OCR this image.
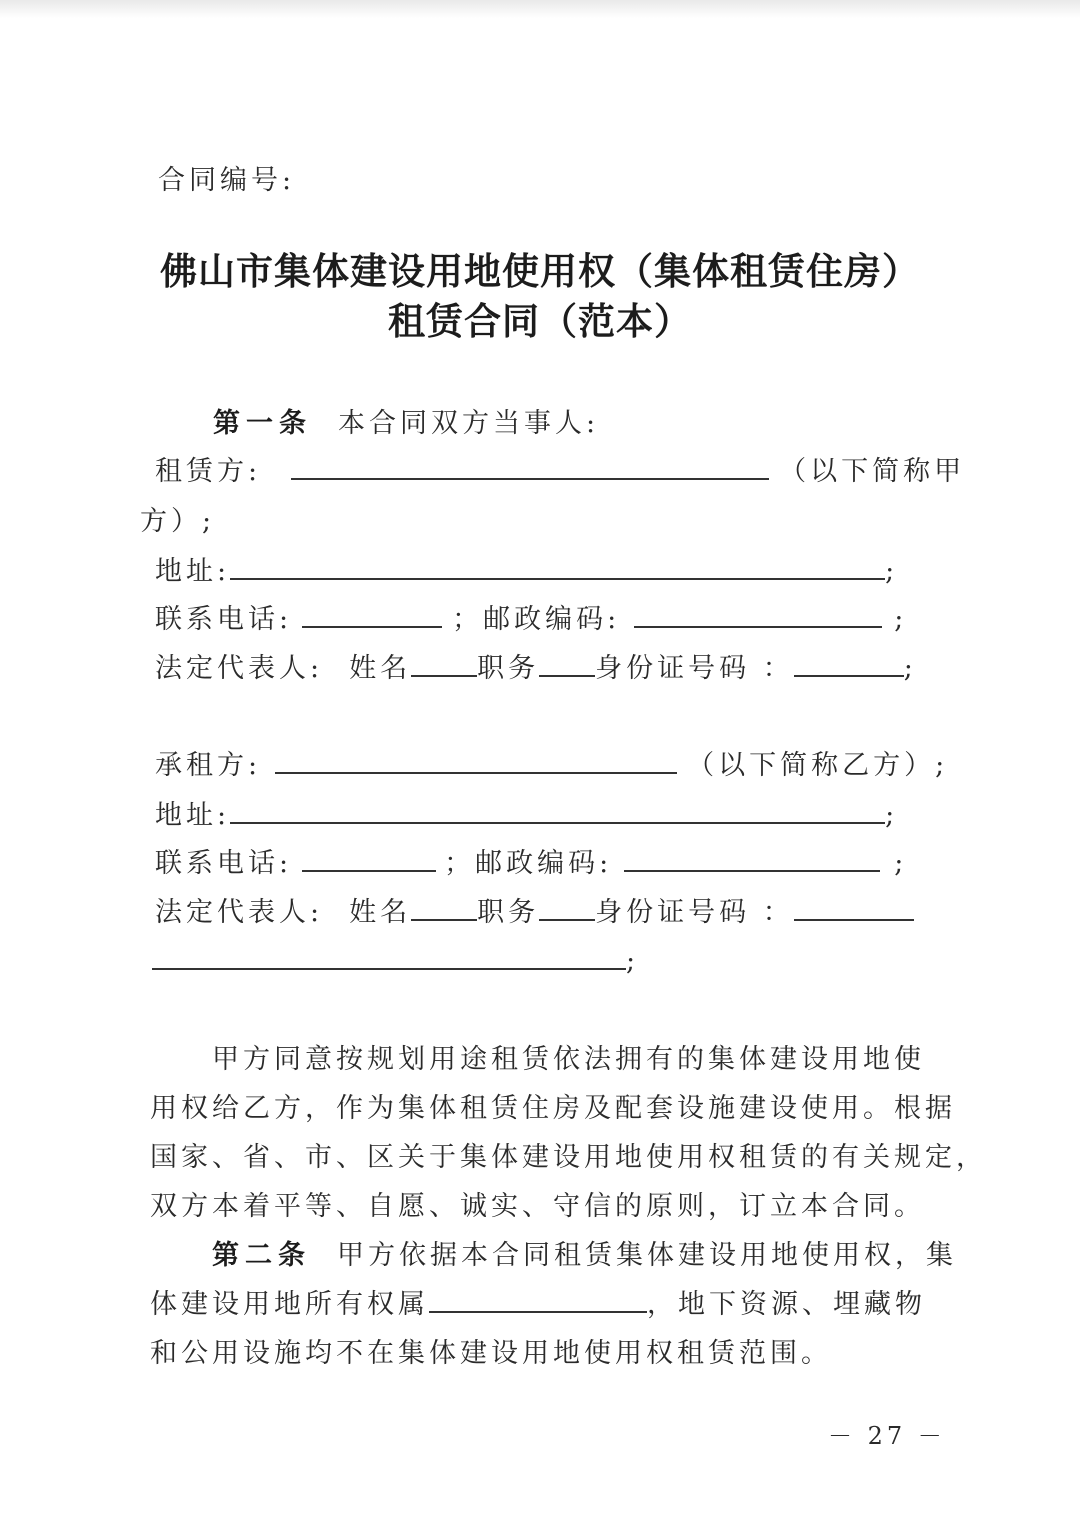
合同编号:
佛山市集体建设用地使用权（集体租赁住房）
租赁合同（范本）
第一条 本合同双方当事人:
租赁方:	（以下简称甲
方）;
地址:	;
联系电话:	；邮政编码:	;
法定代表人: 姓名 职务 身份证号码 ：	;
承租方:	（以下简称乙方）;
地址:	;
联系电话:	；邮政编码:	;
法定代表人: 姓名 职务 身份证号码 ：
;
甲方同意按规划用途租赁依法拥有的集体建设用地使
用权给乙方，作为集体租赁住房及配套设施建设使用。根据
国家、省、市、区关于集体建设用地使用权租赁的有关规定，
双方本着平等、自愿、诚实、守信的原则，订立本合同。
第二条 甲方依据本合同租赁集体建设用地使用权，集
体建设用地所有权属	，地下资源、埋藏物
和公用设施均不在集体建设用地使用权租赁范围。
－ 27 －
